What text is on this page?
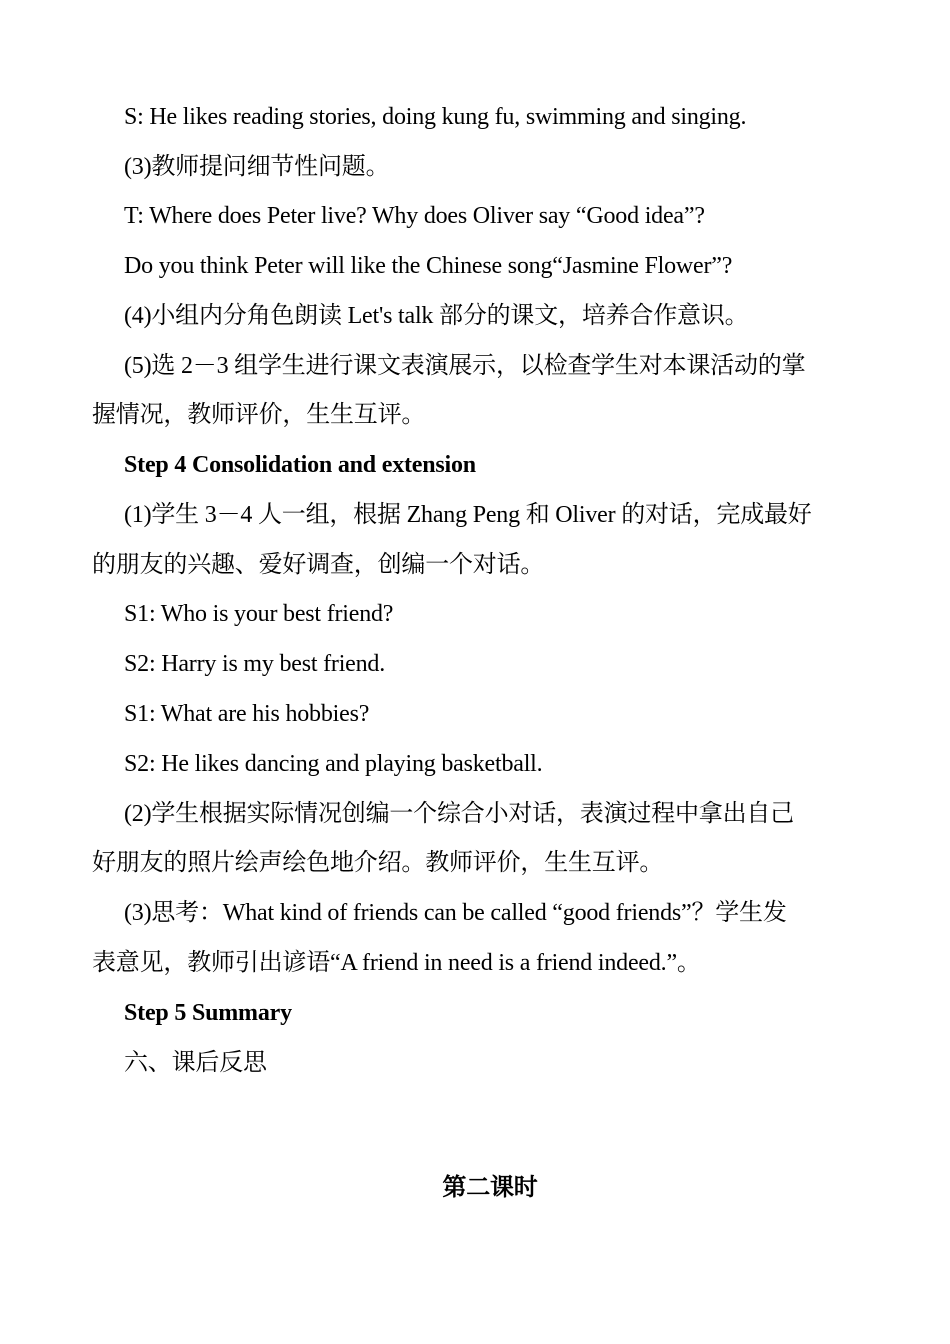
S: He likes reading stories, doing kung fu, swimming and singing.
(3)教师提问细节性问题。
T: Where does Peter live? Why does Oliver say “Good idea”?
Do you think Peter will like the Chinese song“Jasmine Flower”?
(4)小组内分角色朗读 Let's talk 部分的课文，培养合作意识。
(5)选 2－3 组学生进行课文表演展示，以检查学生对本课活动的掌
握情况，教师评价，生生互评。
Step 4 Consolidation and extension
(1)学生 3－4 人一组，根据 Zhang Peng 和 Oliver 的对话，完成最好
的朋友的兴趣、爱好调查，创编一个对话。
S1: Who is your best friend?
S2: Harry is my best friend.
S1: What are his hobbies?
S2: He likes dancing and playing basketball.
(2)学生根据实际情况创编一个综合小对话，表演过程中拿出自己
好朋友的照片绘声绘色地介绍。教师评价，生生互评。
(3)思考：What kind of friends can be called “good friends”？学生发
表意见，教师引出谚语“A friend in need is a friend indeed.”。
Step 5 Summary
六、课后反思
第二课时
